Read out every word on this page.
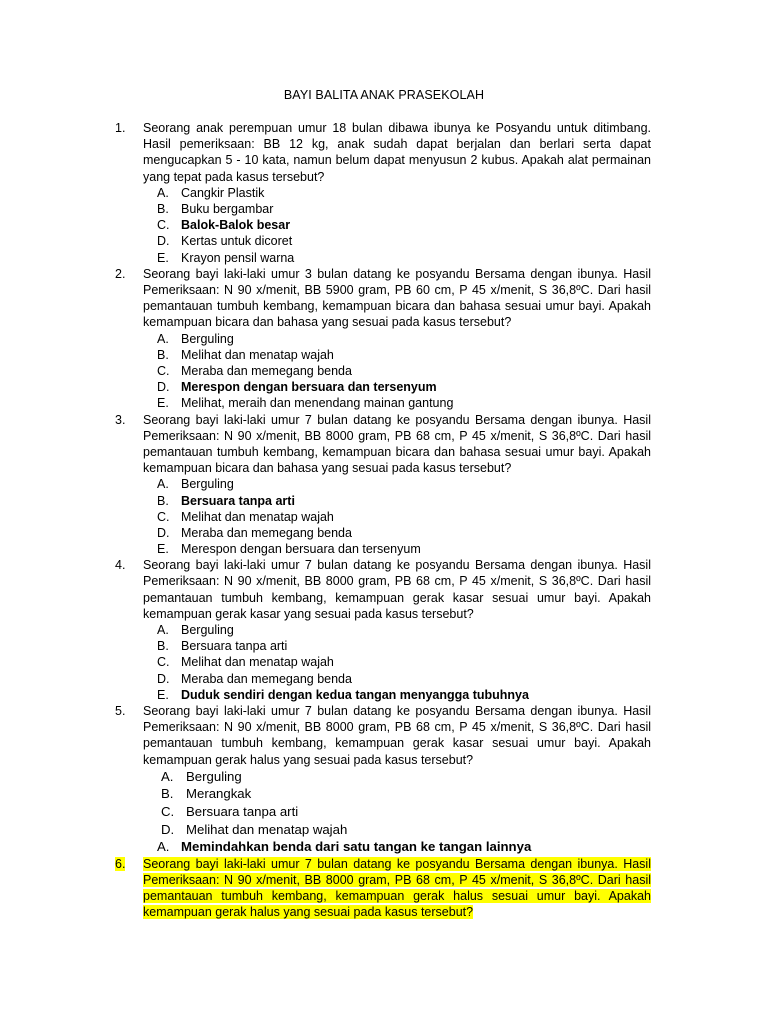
BAYI BALITA ANAK PRASEKOLAH
1. Seorang anak perempuan umur 18 bulan dibawa ibunya ke Posyandu untuk ditimbang. Hasil pemeriksaan: BB 12 kg, anak sudah dapat berjalan dan berlari serta dapat mengucapkan 5 - 10 kata, namun belum dapat menyusun 2 kubus. Apakah alat permainan yang tepat pada kasus tersebut?
A. Cangkir Plastik
B. Buku bergambar
C. Balok-Balok besar
D. Kertas untuk dicoret
E. Krayon pensil warna
2. Seorang bayi laki-laki umur 3 bulan datang ke posyandu Bersama dengan ibunya. Hasil Pemeriksaan: N 90 x/menit, BB 5900 gram, PB 60 cm, P 45 x/menit, S 36,8ºC. Dari hasil pemantauan tumbuh kembang, kemampuan bicara dan bahasa sesuai umur bayi. Apakah kemampuan bicara dan bahasa yang sesuai pada kasus tersebut?
A. Berguling
B. Melihat dan menatap wajah
C. Meraba dan memegang benda
D. Merespon dengan bersuara dan tersenyum
E. Melihat, meraih dan menendang mainan gantung
3. Seorang bayi laki-laki umur 7 bulan datang ke posyandu Bersama dengan ibunya. Hasil Pemeriksaan: N 90 x/menit, BB 8000 gram, PB 68 cm, P 45 x/menit, S 36,8ºC. Dari hasil pemantauan tumbuh kembang, kemampuan bicara dan bahasa sesuai umur bayi. Apakah kemampuan bicara dan bahasa yang sesuai pada kasus tersebut?
A. Berguling
B. Bersuara tanpa arti
C. Melihat dan menatap wajah
D. Meraba dan memegang benda
E. Merespon dengan bersuara dan tersenyum
4. Seorang bayi laki-laki umur 7 bulan datang ke posyandu Bersama dengan ibunya. Hasil Pemeriksaan: N 90 x/menit, BB 8000 gram, PB 68 cm, P 45 x/menit, S 36,8ºC. Dari hasil pemantauan tumbuh kembang, kemampuan gerak kasar sesuai umur bayi. Apakah kemampuan gerak kasar yang sesuai pada kasus tersebut?
A. Berguling
B. Bersuara tanpa arti
C. Melihat dan menatap wajah
D. Meraba dan memegang benda
E. Duduk sendiri dengan kedua tangan menyangga tubuhnya
5. Seorang bayi laki-laki umur 7 bulan datang ke posyandu Bersama dengan ibunya. Hasil Pemeriksaan: N 90 x/menit, BB 8000 gram, PB 68 cm, P 45 x/menit, S 36,8ºC. Dari hasil pemantauan tumbuh kembang, kemampuan gerak kasar sesuai umur bayi. Apakah kemampuan gerak halus yang sesuai pada kasus tersebut?
A. Berguling
B. Merangkak
C. Bersuara tanpa arti
D. Melihat dan menatap wajah
A. Memindahkan benda dari satu tangan ke tangan lainnya
6. Seorang bayi laki-laki umur 7 bulan datang ke posyandu Bersama dengan ibunya. Hasil Pemeriksaan: N 90 x/menit, BB 8000 gram, PB 68 cm, P 45 x/menit, S 36,8ºC. Dari hasil pemantauan tumbuh kembang, kemampuan gerak halus sesuai umur bayi. Apakah kemampuan gerak halus yang sesuai pada kasus tersebut?
